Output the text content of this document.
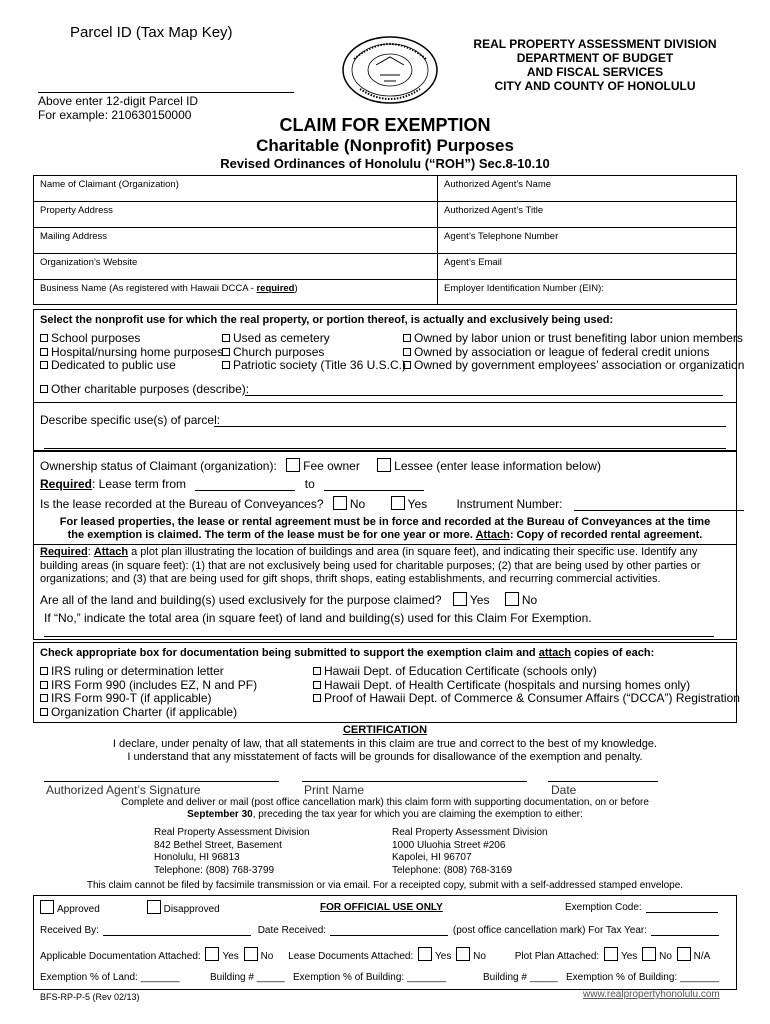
Parcel ID (Tax Map Key)
Above enter 12-digit Parcel ID
For example: 210630150000
REAL PROPERTY ASSESSMENT DIVISION
DEPARTMENT OF BUDGET
AND FISCAL SERVICES
CITY AND COUNTY OF HONOLULU
CLAIM FOR EXEMPTION
Charitable (Nonprofit) Purposes
Revised Ordinances of Honolulu (“ROH”) Sec.8-10.10
Name of Claimant (Organization)	Authorized Agent’s Name
Property Address	Authorized Agent’s Title
Mailing Address	Agent’s Telephone Number
Organization’s Website	Agent’s Email
Business Name (As registered with Hawaii DCCA - required)	Employer Identification Number (EIN):
Select the nonprofit use for which the real property, or portion thereof, is actually and exclusively being used:
School purposes
Hospital/nursing home purposes
Dedicated to public use
Used as cemetery
Church purposes
Patriotic society (Title 36 U.S.C.)
Owned by labor union or trust benefiting labor union members
Owned by association or league of federal credit unions
Owned by government employees’ association or organization
Other charitable purposes (describe):
Describe specific use(s) of parcel:
Ownership status of Claimant (organization): Fee owner	Lessee (enter lease information below)
Required: Lease term from	to
Is the lease recorded at the Bureau of Conveyances? No	Yes Instrument Number:
For leased properties, the lease or rental agreement must be in force and recorded at the Bureau of Conveyances at the time
the exemption is claimed. The term of the lease must be for one year or more. Attach: Copy of recorded rental agreement.
Required: Attach a plot plan illustrating the location of buildings and area (in square feet), and indicating their specific use. Identify any
building areas (in square feet): (1) that are not exclusively being used for charitable purposes; (2) that are being used by other parties or
organizations; and (3) that are being used for gift shops, thrift shops, eating establishments, and recurring commercial activities.
Are all of the land and building(s) used exclusively for the purpose claimed? Yes	No
If “No,” indicate the total area (in square feet) of land and building(s) used for this Claim For Exemption.
Check appropriate box for documentation being submitted to support the exemption claim and attach copies of each:
IRS ruling or determination letter
IRS Form 990 (includes EZ, N and PF)
IRS Form 990-T (if applicable)
Organization Charter (if applicable)
Hawaii Dept. of Education Certificate (schools only)
Hawaii Dept. of Health Certificate (hospitals and nursing homes only)
Proof of Hawaii Dept. of Commerce & Consumer Affairs (“DCCA”) Registration
CERTIFICATION
I declare, under penalty of law, that all statements in this claim are true and correct to the best of my knowledge.
I understand that any misstatement of facts will be grounds for disallowance of the exemption and penalty.
Authorized Agent’s Signature	Print Name	Date
Complete and deliver or mail (post office cancellation mark) this claim form with supporting documentation, on or before
September 30, preceding the tax year for which you are claiming the exemption to either:
Real Property Assessment Division
842 Bethel Street, Basement
Honolulu, HI 96813
Telephone: (808) 768-3799
Real Property Assessment Division
1000 Uluohia Street #206
Kapolei, HI 96707
Telephone: (808) 768-3169
This claim cannot be filed by facsimile transmission or via email. For a receipted copy, submit with a self-addressed stamped envelope.
Approved	Disapproved	FOR OFFICIAL USE ONLY	Exemption Code:
Received By:	Date Received:	(post office cancellation mark) For Tax Year:
Applicable Documentation Attached: Yes No Lease Documents Attached: Yes No	Plot Plan Attached: Yes No N/A
Exemption % of Land: _______	Building # _____ Exemption % of Building: _______	Building # _____ Exemption % of Building: _______
BFS-RP-P-5 (Rev 02/13)	www.realpropertyhonolulu.com
